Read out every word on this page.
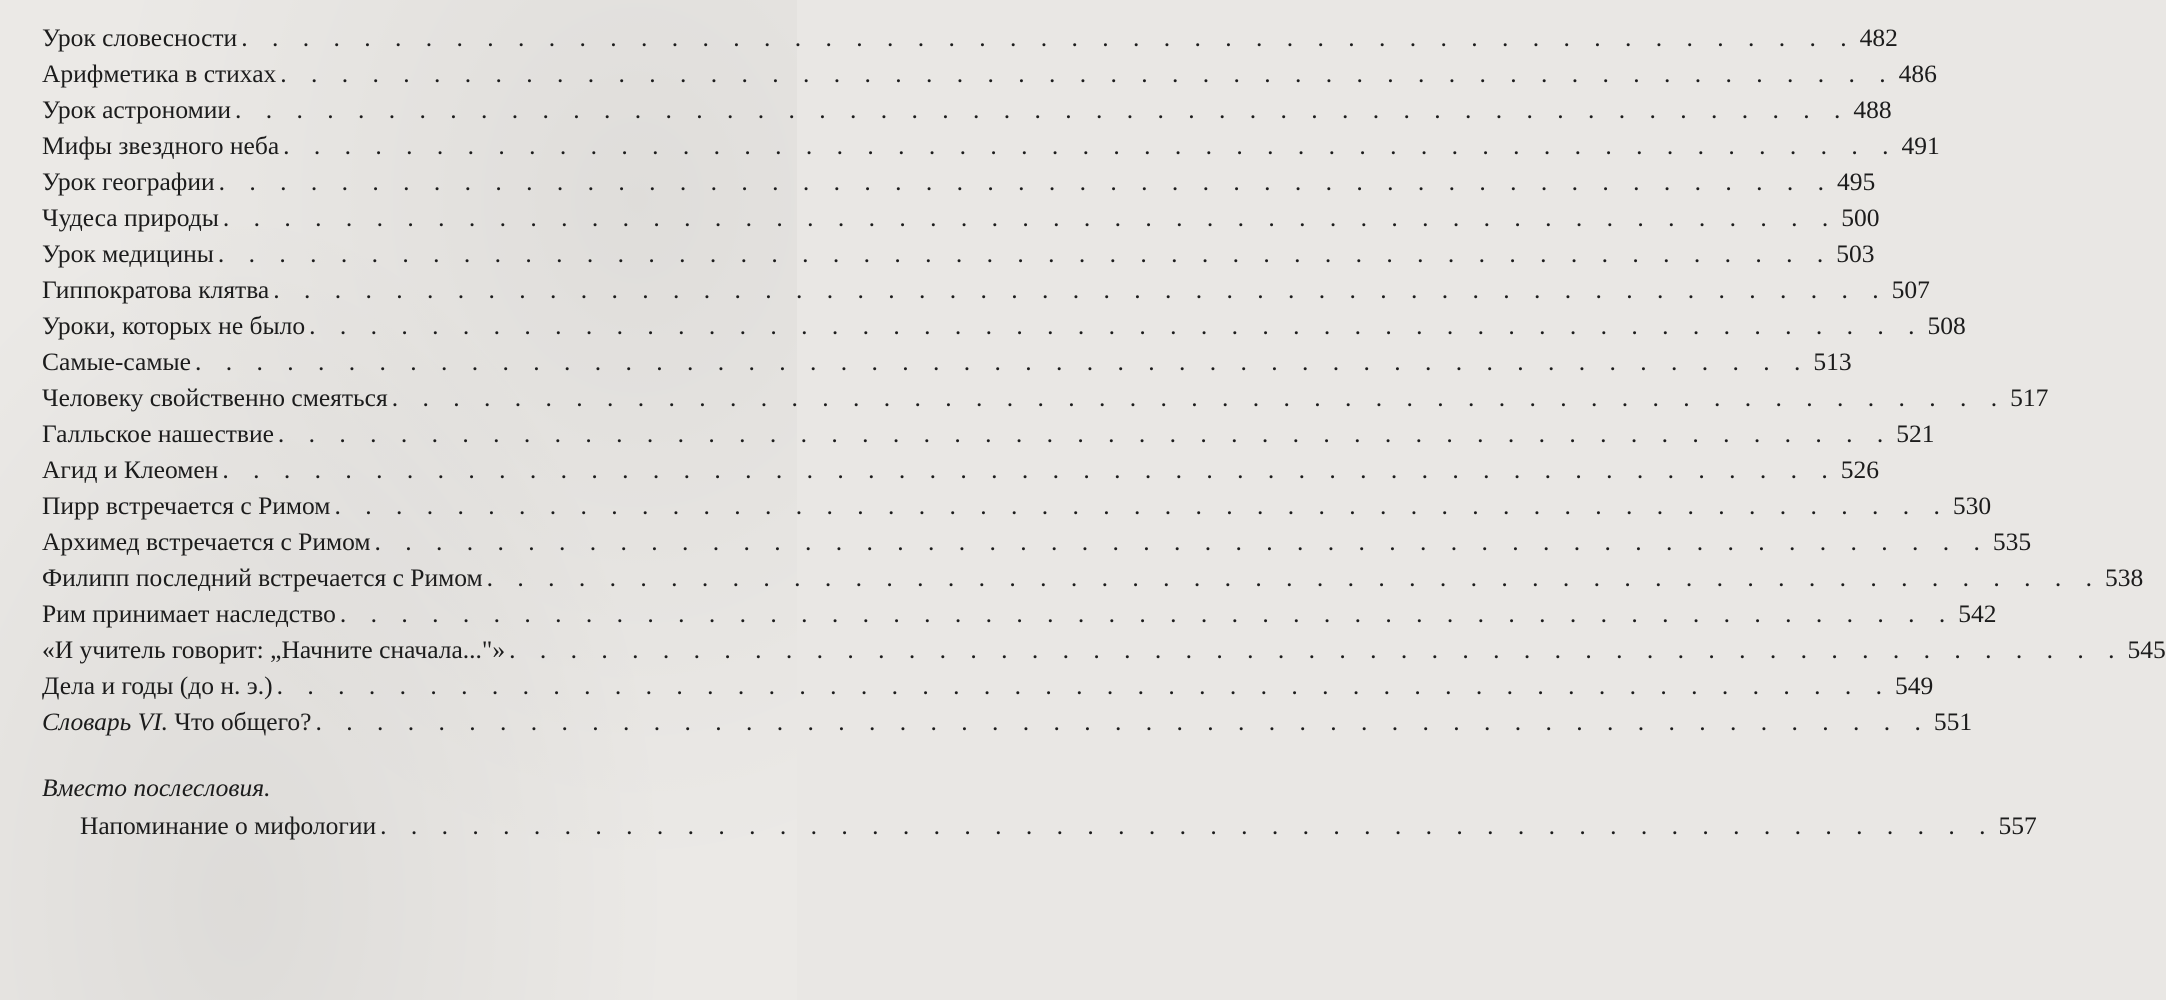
Урок словесности . . . . . . . . . . . . . . . . . . . . . . . . . . . . . . . . . . . . . . . . . . . . . . . . . . . . . 482
Арифметика в стихах . . . . . . . . . . . . . . . . . . . . . . . . . . . . . . . . . . . . . . . . . . . . . . . . . . . . . 486
Урок астрономии . . . . . . . . . . . . . . . . . . . . . . . . . . . . . . . . . . . . . . . . . . . . . . . . . . . . . 488
Мифы звездного неба . . . . . . . . . . . . . . . . . . . . . . . . . . . . . . . . . . . . . . . . . . . . . . . . . . . . . 491
Урок географии . . . . . . . . . . . . . . . . . . . . . . . . . . . . . . . . . . . . . . . . . . . . . . . . . . . . . 495
Чудеса природы . . . . . . . . . . . . . . . . . . . . . . . . . . . . . . . . . . . . . . . . . . . . . . . . . . . . . 500
Урок медицины . . . . . . . . . . . . . . . . . . . . . . . . . . . . . . . . . . . . . . . . . . . . . . . . . . . . . 503
Гиппократова клятва . . . . . . . . . . . . . . . . . . . . . . . . . . . . . . . . . . . . . . . . . . . . . . . . . . . . . 507
Уроки, которых не было . . . . . . . . . . . . . . . . . . . . . . . . . . . . . . . . . . . . . . . . . . . . . . . . . . . . . 508
Самые-самые . . . . . . . . . . . . . . . . . . . . . . . . . . . . . . . . . . . . . . . . . . . . . . . . . . . . . 513
Человеку свойственно смеяться . . . . . . . . . . . . . . . . . . . . . . . . . . . . . . . . . . . . . . . . . . . . . . . . . . . . . 517
Галльское нашествие . . . . . . . . . . . . . . . . . . . . . . . . . . . . . . . . . . . . . . . . . . . . . . . . . . . . . 521
Агид и Клеомен . . . . . . . . . . . . . . . . . . . . . . . . . . . . . . . . . . . . . . . . . . . . . . . . . . . . . 526
Пирр встречается с Римом . . . . . . . . . . . . . . . . . . . . . . . . . . . . . . . . . . . . . . . . . . . . . . . . . . . . . 530
Архимед встречается с Римом . . . . . . . . . . . . . . . . . . . . . . . . . . . . . . . . . . . . . . . . . . . . . . . . . . . . . 535
Филипп последний встречается с Римом . . . . . . . . . . . . . . . . . . . . . . . . . . . . . . . . . . . . . . . . . . . . . . . . . . . . . 538
Рим принимает наследство . . . . . . . . . . . . . . . . . . . . . . . . . . . . . . . . . . . . . . . . . . . . . . . . . . . . . 542
«И учитель говорит: „Начните сначала..."» . . . . . . . . . . . . . . . . . . . . . . . . . . . . . . . . . . . . . . . . . . . . . . . . . . . . . 545
Дела и годы (до н. э.) . . . . . . . . . . . . . . . . . . . . . . . . . . . . . . . . . . . . . . . . . . . . . . . . . . . . . 549
Словарь VI. Что общего? . . . . . . . . . . . . . . . . . . . . . . . . . . . . . . . . . . . . . . . . . . . . . . . . . . . . . 551
Вместо послесловия.
Напоминание о мифологии . . . . . . . . . . . . . . . . . . . . . . . . . . . . . . . . . . . . . . . . . . . . . . . . . . . . . 557
